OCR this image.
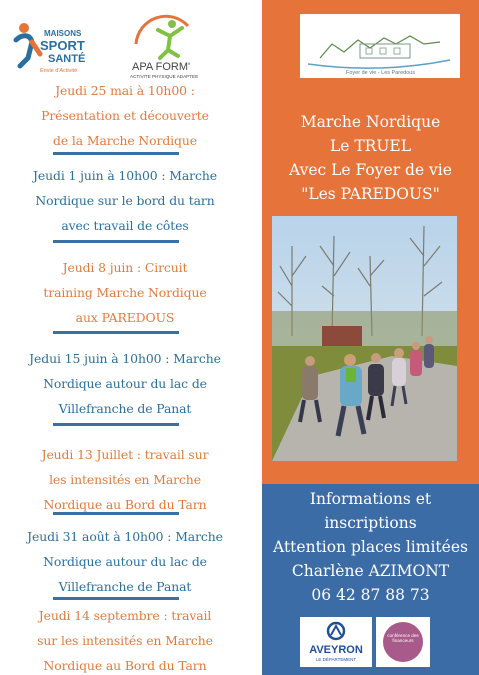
MAISONS
SPORT
SANTÉ
Envie d'Activité	APA FORM'
ACTIVITE PHYSIQUE ADAPTEE
Jeudi 25 mai à 10h00 :
Présentation et découverte
de la Marche Nordique
Jeudi 1 juin à 10h00 : Marche
Nordique sur le bord du tarn
avec travail de côtes
Jeudi 8 juin : Circuit
training Marche Nordique
aux PAREDOUS
Jedui 15 juin à 10h00 : Marche
Nordique autour du lac de
Villefranche de Panat
Jeudi 13 Juillet : travail sur
les intensités en Marche
Nordique au Bord du Tarn
Jeudi 31 août à 10h00 : Marche
Nordique autour du lac de
Villefranche de Panat
Jeudi 14 septembre : travail
sur les intensités en Marche
Nordique au Bord du Tarn
Foyer de vie - Les Paredous
Marche Nordique
Le TRUEL
Avec Le Foyer de vie
"Les PAREDOUS"
Informations et
inscriptions
Attention places limitées
Charlène AZIMONT
06 42 87 88 73
AVEYRON
LE DÉPARTEMENT
conférence des financeurs
